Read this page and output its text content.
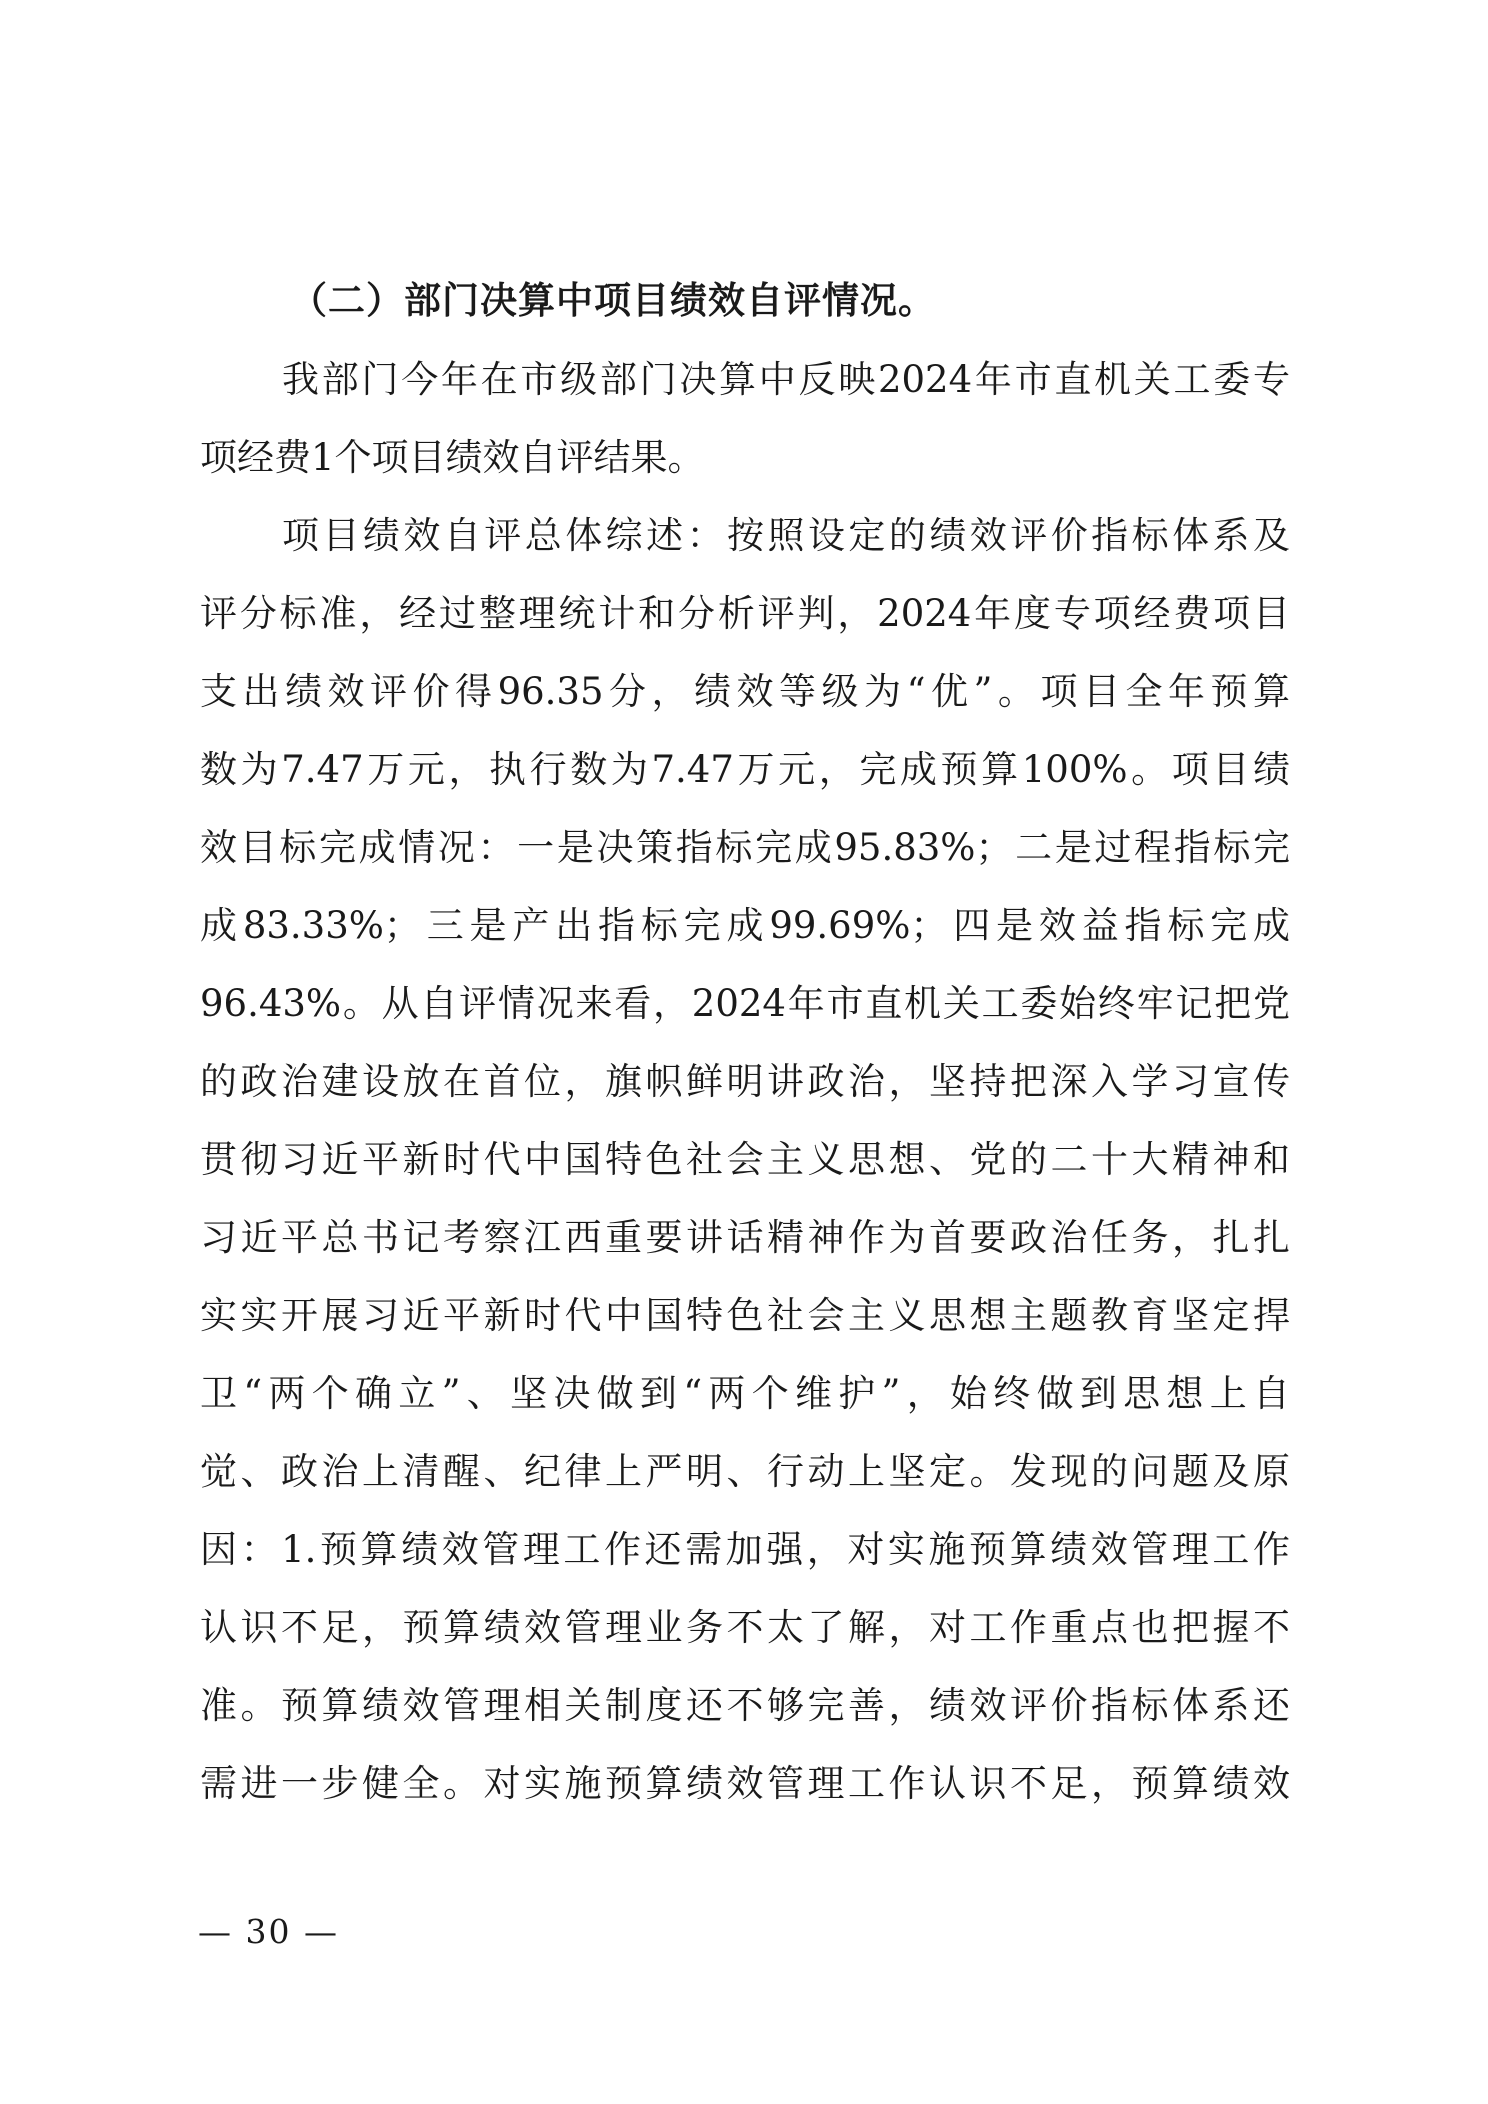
（二）部门决算中项目绩效自评情况。
我部门今年在市级部门决算中反映2024年市直机关工委专
项经费1个项目绩效自评结果。
项目绩效自评总体综述：按照设定的绩效评价指标体系及
评分标准，经过整理统计和分析评判，2024年度专项经费项目
支出绩效评价得96.35分，绩效等级为“优”。项目全年预算
数为7.47万元，执行数为7.47万元，完成预算100%。项目绩
效目标完成情况：一是决策指标完成95.83%；二是过程指标完
成83.33%；三是产出指标完成99.69%；四是效益指标完成
96.43%。从自评情况来看，2024年市直机关工委始终牢记把党
的政治建设放在首位，旗帜鲜明讲政治，坚持把深入学习宣传
贯彻习近平新时代中国特色社会主义思想、党的二十大精神和
习近平总书记考察江西重要讲话精神作为首要政治任务，扎扎
实实开展习近平新时代中国特色社会主义思想主题教育坚定捍
卫“两个确立”、坚决做到“两个维护”，始终做到思想上自
觉、政治上清醒、纪律上严明、行动上坚定。发现的问题及原
因：1.预算绩效管理工作还需加强，对实施预算绩效管理工作
认识不足，预算绩效管理业务不太了解，对工作重点也把握不
准。预算绩效管理相关制度还不够完善，绩效评价指标体系还
需进一步健全。对实施预算绩效管理工作认识不足，预算绩效
— 30 —
